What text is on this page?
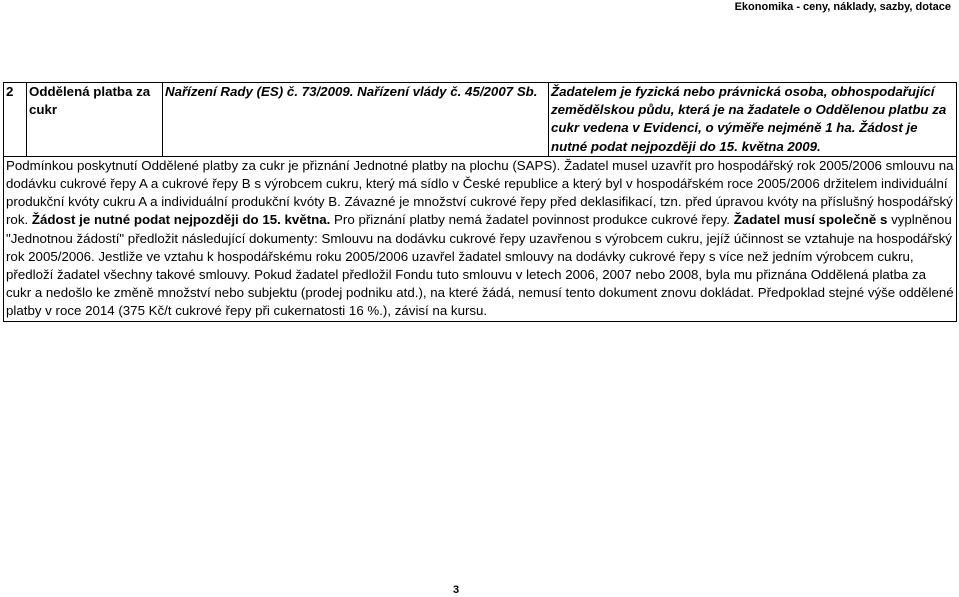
Ekonomika - ceny, náklady, sazby, dotace
2	Oddělená platba za cukr	Nařízení Rady (ES) č. 73/2009. Nařízení vlády č. 45/2007 Sb.	Žadatelem je fyzická nebo právnická osoba, obhospodařující zemědělskou půdu, která je na žadatele o Oddělenou platbu za cukr vedena v Evidenci, o výměře nejméně 1 ha. Žádost je nutné podat nejpozději do 15. května 2009.
Podmínkou poskytnutí Oddělené platby za cukr je přiznání Jednotné platby na plochu (SAPS). Žadatel musel uzavřít pro hospodářský rok 2005/2006 smlouvu na dodávku cukrové řepy A a cukrové řepy B s výrobcem cukru, který má sídlo v České republice a který byl v hospodářském roce 2005/2006 držitelem individuální produkční kvóty cukru A a individuální produkční kvóty B. Závazné je množství cukrové řepy před deklasifikací, tzn. před úpravou kvóty na příslušný hospodářský rok. Žádost je nutné podat nejpozději do 15. května. Pro přiznání platby nemá žadatel povinnost produkce cukrové řepy. Žadatel musí společně s vyplněnou "Jednotnou žádostí" předložit následující dokumenty: Smlouvu na dodávku cukrové řepy uzavřenou s výrobcem cukru, jejíž účinnost se vztahuje na hospodářský rok 2005/2006. Jestliže ve vztahu k hospodářskému roku 2005/2006 uzavřel žadatel smlouvy na dodávky cukrové řepy s více než jedním výrobcem cukru, předloží žadatel všechny takové smlouvy. Pokud žadatel předložil Fondu tuto smlouvu v letech 2006, 2007 nebo 2008, byla mu přiznána Oddělená platba za cukr a nedošlo ke změně množství nebo subjektu (prodej podniku atd.), na které žádá, nemusí tento dokument znovu dokládat. Předpoklad stejné výše oddělené platby v roce 2014 (375 Kč/t cukrové řepy při cukernatosti 16 %.), závisí na kursu.
3
